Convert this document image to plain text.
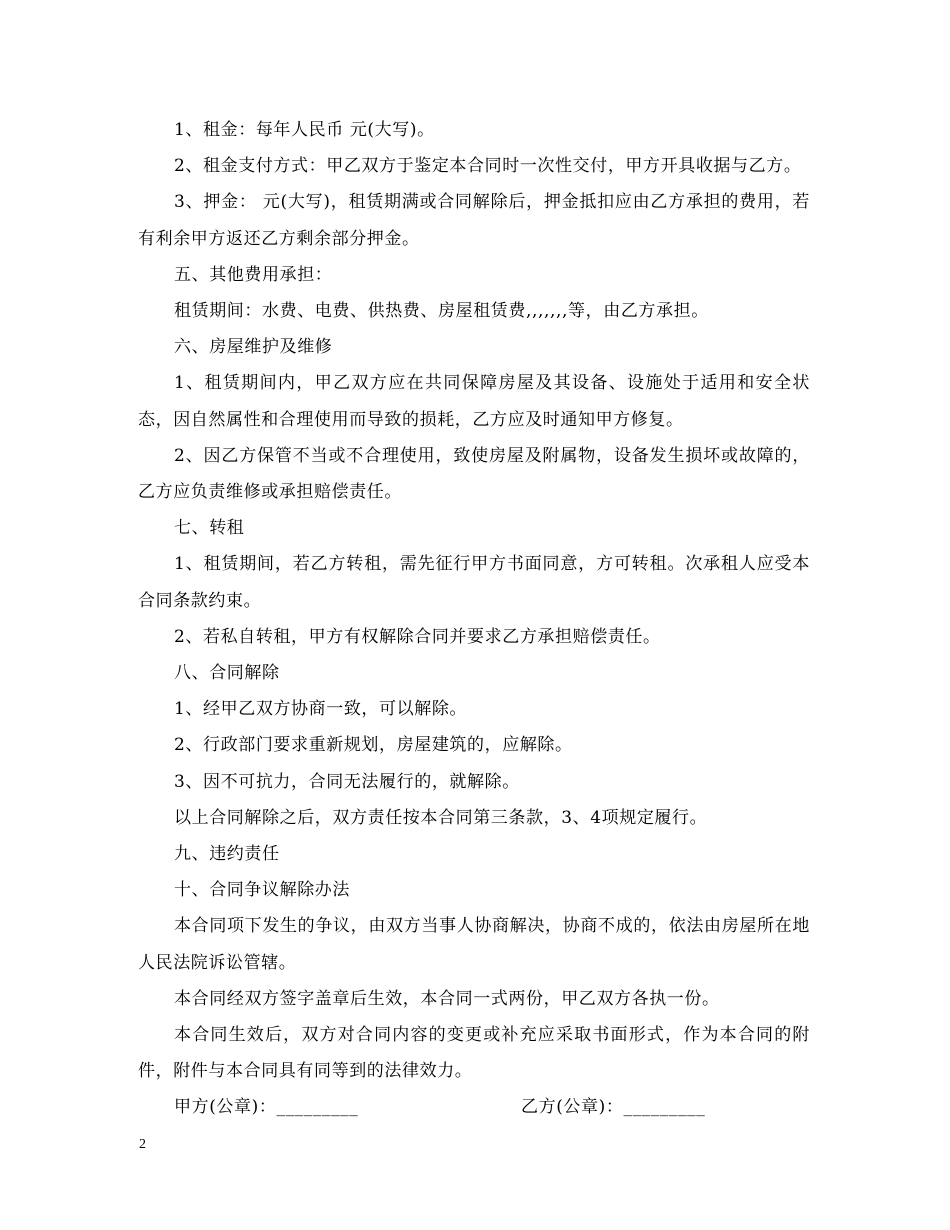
1、租金：每年人民币 元(大写)。

2、租金支付方式：甲乙双方于鉴定本合同时一次性交付，甲方开具收据与乙方。

3、押金： 元(大写)，租赁期满或合同解除后，押金抵扣应由乙方承担的费用，若有利余甲方返还乙方剩余部分押金。

五、其他费用承担：

租赁期间：水费、电费、供热费、房屋租赁费,,,,,,,等，由乙方承担。

六、房屋维护及维修

1、租赁期间内，甲乙双方应在共同保障房屋及其设备、设施处于适用和安全状态，因自然属性和合理使用而导致的损耗，乙方应及时通知甲方修复。

2、因乙方保管不当或不合理使用，致使房屋及附属物，设备发生损坏或故障的，乙方应负责维修或承担赔偿责任。

七、转租

1、租赁期间，若乙方转租，需先征行甲方书面同意，方可转租。次承租人应受本合同条款约束。

2、若私自转租，甲方有权解除合同并要求乙方承担赔偿责任。

八、合同解除

1、经甲乙双方协商一致，可以解除。

2、行政部门要求重新规划，房屋建筑的，应解除。

3、因不可抗力，合同无法履行的，就解除。

以上合同解除之后，双方责任按本合同第三条款，3、4项规定履行。

九、违约责任

十、合同争议解除办法

本合同项下发生的争议，由双方当事人协商解决，协商不成的，依法由房屋所在地人民法院诉讼管辖。

本合同经双方签字盖章后生效，本合同一式两份，甲乙双方各执一份。

本合同生效后，双方对合同内容的变更或补充应采取书面形式，作为本合同的附件，附件与本合同具有同等到的法律效力。

甲方(公章)：_________	乙方(公章)：_________
2
